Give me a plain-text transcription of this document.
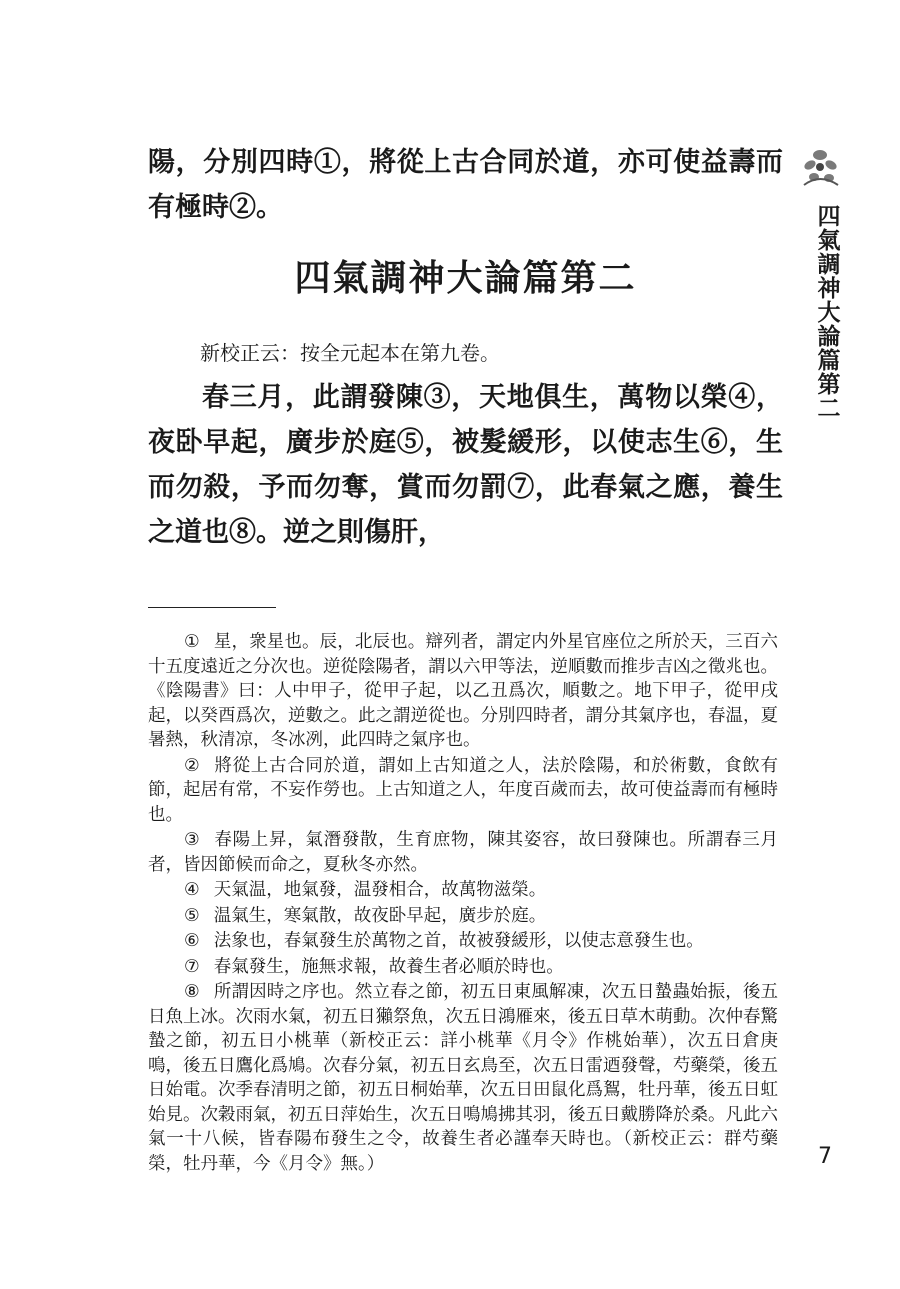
陽，分別四時①，將從上古合同於道，亦可使益壽而有極時②。
四氣調神大論篇第二
新校正云：按全元起本在第九卷。
春三月，此謂發陳③，天地俱生，萬物以榮④，夜卧早起，廣步於庭⑤，被髮緩形，以使志生⑥，生而勿殺，予而勿奪，賞而勿罰⑦，此春氣之應，養生之道也⑧。逆之則傷肝，

① 星，衆星也。辰，北辰也。辯列者，謂定内外星官座位之所於天，三百六十五度遠近之分次也。逆從陰陽者，謂以六甲等法，逆順數而推步吉凶之徵兆也。《陰陽書》曰：人中甲子，從甲子起，以乙丑爲次，順數之。地下甲子，從甲戌起，以癸酉爲次，逆數之。此之謂逆從也。分別四時者，謂分其氣序也，春温，夏暑熱，秋清凉，冬冰冽，此四時之氣序也。

② 將從上古合同於道，謂如上古知道之人，法於陰陽，和於術數，食飲有節，起居有常，不妄作勞也。上古知道之人，年度百歲而去，故可使益壽而有極時也。

③ 春陽上昇，氣潛發散，生育庶物，陳其姿容，故曰發陳也。所謂春三月者，皆因節候而命之，夏秋冬亦然。

④ 天氣温，地氣發，温發相合，故萬物滋榮。

⑤ 温氣生，寒氣散，故夜卧早起，廣步於庭。

⑥ 法象也，春氣發生於萬物之首，故被發緩形，以使志意發生也。

⑦ 春氣發生，施無求報，故養生者必順於時也。

⑧ 所謂因時之序也。然立春之節，初五日東風解凍，次五日蟄蟲始振，後五日魚上冰。次雨水氣，初五日獺祭魚，次五日鴻雁來，後五日草木萌動。次仲春驚蟄之節，初五日小桃華（新校正云：詳小桃華《月令》作桃始華），次五日倉庚鳴，後五日鷹化爲鳩。次春分氣，初五日玄鳥至，次五日雷迺發聲，芍藥榮，後五日始電。次季春清明之節，初五日桐始華，次五日田鼠化爲鴽，牡丹華，後五日虹始見。次穀雨氣，初五日萍始生，次五日鳴鳩拂其羽，後五日戴勝降於桑。凡此六氣一十八候，皆春陽布發生之令，故養生者必謹奉天時也。（新校正云：群芍藥榮，牡丹華，今《月令》無。）

四氣調神大論篇第二
7
